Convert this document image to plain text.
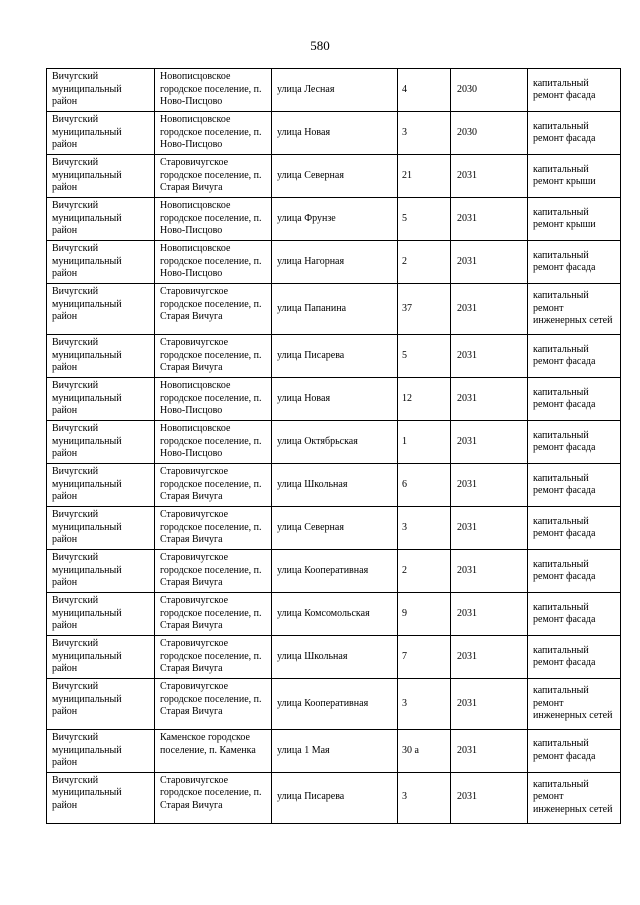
580
Вичугский муниципальный район	Новописцовское городское поселение, п. Ново-Писцово	улица Лесная	4	2030	капитальный ремонт фасада
Вичугский муниципальный район	Новописцовское городское поселение, п. Ново-Писцово	улица Новая	3	2030	капитальный ремонт фасада
Вичугский муниципальный район	Старовичугское городское поселение, п. Старая Вичуга	улица Северная	21	2031	капитальный ремонт крыши
Вичугский муниципальный район	Новописцовское городское поселение, п. Ново-Писцово	улица Фрунзе	5	2031	капитальный ремонт крыши
Вичугский муниципальный район	Новописцовское городское поселение, п. Ново-Писцово	улица Нагорная	2	2031	капитальный ремонт фасада
Вичугский муниципальный район	Старовичугское городское поселение, п. Старая Вичуга	улица Папанина	37	2031	капитальный ремонт инженерных сетей
Вичугский муниципальный район	Старовичугское городское поселение, п. Старая Вичуга	улица Писарева	5	2031	капитальный ремонт фасада
Вичугский муниципальный район	Новописцовское городское поселение, п. Ново-Писцово	улица Новая	12	2031	капитальный ремонт фасада
Вичугский муниципальный район	Новописцовское городское поселение, п. Ново-Писцово	улица Октябрьская	1	2031	капитальный ремонт фасада
Вичугский муниципальный район	Старовичугское городское поселение, п. Старая Вичуга	улица Школьная	6	2031	капитальный ремонт фасада
Вичугский муниципальный район	Старовичугское городское поселение, п. Старая Вичуга	улица Северная	3	2031	капитальный ремонт фасада
Вичугский муниципальный район	Старовичугское городское поселение, п. Старая Вичуга	улица Кооперативная	2	2031	капитальный ремонт фасада
Вичугский муниципальный район	Старовичугское городское поселение, п. Старая Вичуга	улица Комсомольская	9	2031	капитальный ремонт фасада
Вичугский муниципальный район	Старовичугское городское поселение, п. Старая Вичуга	улица Школьная	7	2031	капитальный ремонт фасада
Вичугский муниципальный район	Старовичугское городское поселение, п. Старая Вичуга	улица Кооперативная	3	2031	капитальный ремонт инженерных сетей
Вичугский муниципальный район	Каменское городское поселение, п. Каменка	улица 1 Мая	30 а	2031	капитальный ремонт фасада
Вичугский муниципальный район	Старовичугское городское поселение, п. Старая Вичуга	улица Писарева	3	2031	капитальный ремонт инженерных сетей
